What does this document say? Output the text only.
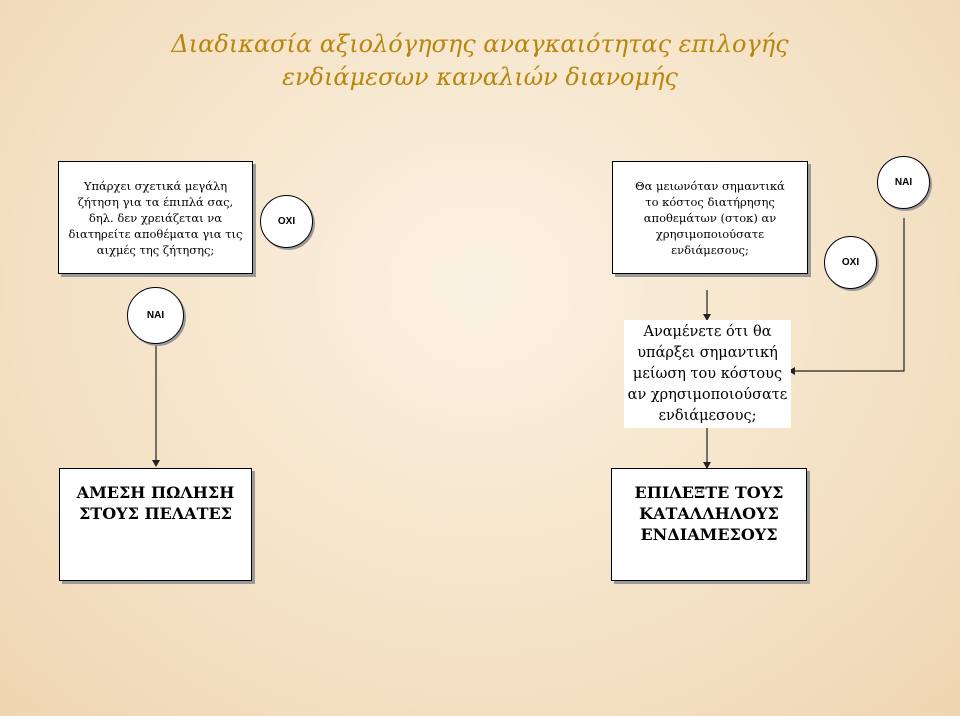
Διαδικασία αξιολόγησης αναγκαιότητας επιλογής
ενδιάμεσων καναλιών διανομής
Υπάρχει σχετικά μεγάλη ζήτηση για τα έπιπλά σας, δηλ. δεν χρειάζεται να διατηρείτε αποθέματα για τις αιχμές της ζήτησης;
ΟΧΙ
Θα μειωνόταν σημαντικά το κόστος διατήρησης αποθεμάτων (στοκ) αν χρησιμοποιούσατε ενδιάμεσους;
ΝΑΙ
ΟΧΙ
ΝΑΙ
Αναμένετε ότι θα υπάρξει σημαντική μείωση του κόστους αν χρησιμοποιούσατε ενδιάμεσους;
ΑΜΕΣΗ ΠΩΛΗΣΗ ΣΤΟΥΣ ΠΕΛΑΤΕΣ
ΕΠΙΛΕΞΤΕ ΤΟΥΣ ΚΑΤΑΛΛΗΛΟΥΣ ΕΝΔΙΑΜΕΣΟΥΣ
